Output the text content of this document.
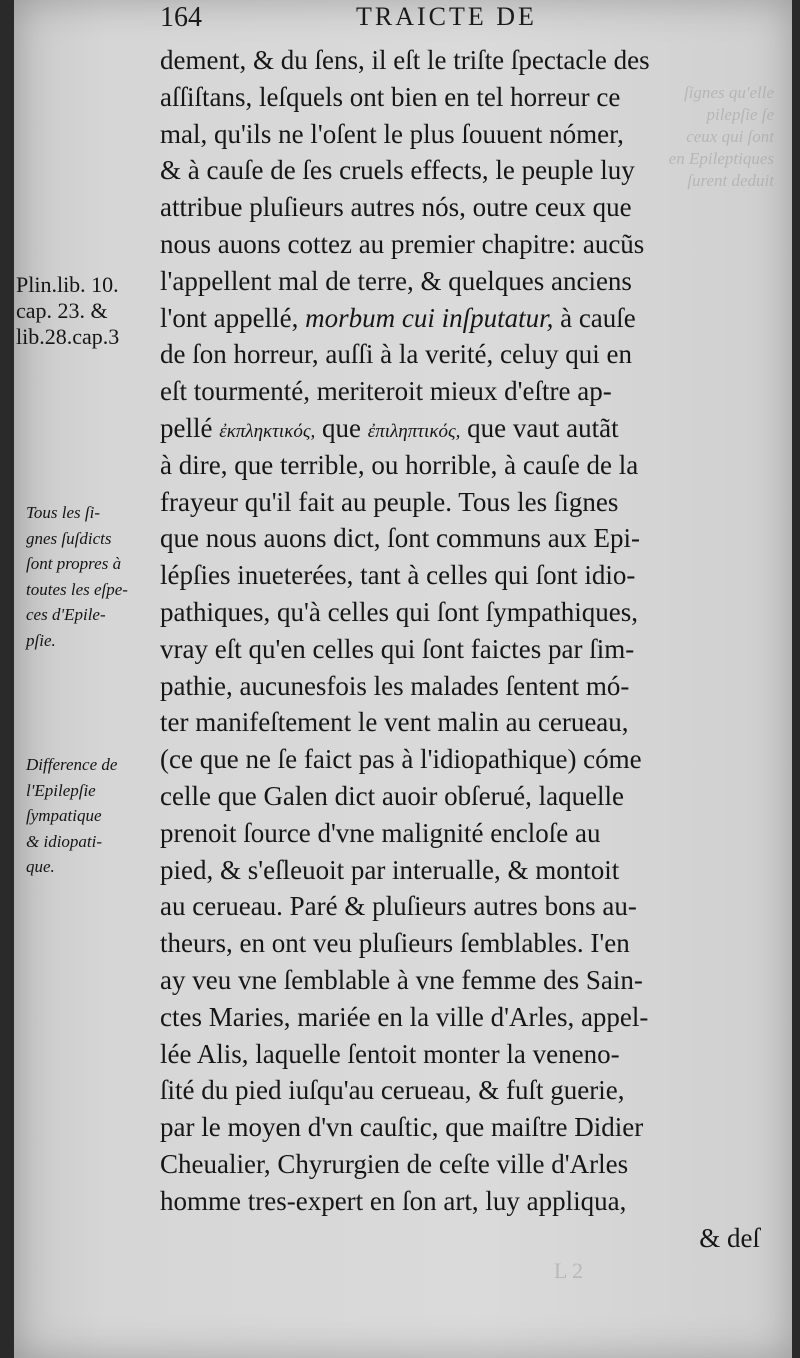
ſignes qu'elle
pilepſie ſe
ceux qui ſont
en Epileptiques
ſurent deduit
164	TRAICTE DE
dement, & du ſens, il eſt le triſte ſpectacle des
aſſiſtans, leſquels ont bien en tel horreur ce
mal, qu'ils ne l'oſent le plus ſouuent nómer,
& à cauſe de ſes cruels effects, le peuple luy
attribue pluſieurs autres nós, outre ceux que
nous auons cottez au premier chapitre: aucũs
l'appellent mal de terre, & quelques anciens
l'ont appellé, morbum cui inſputatur, à cauſe
de ſon horreur, auſſi à la verité, celuy qui en
eſt tourmenté, meriteroit mieux d'eſtre ap-
pellé ἐκπληκτικός, que ἐπιληπτικός, que vaut autãt
à dire, que terrible, ou horrible, à cauſe de la
frayeur qu'il fait au peuple. Tous les ſignes
que nous auons dict, ſont communs aux Epi-
lépſies inueterées, tant à celles qui ſont idio-
pathiques, qu'à celles qui ſont ſympathiques,
vray eſt qu'en celles qui ſont faictes par ſim-
pathie, aucunesfois les malades ſentent mó-
ter manifeſtement le vent malin au cerueau,
(ce que ne ſe faict pas à l'idiopathique) cóme
celle que Galen dict auoir obſerué, laquelle
prenoit ſource d'vne malignité encloſe au
pied, & s'eſleuoit par interualle, & montoit
au cerueau. Paré & pluſieurs autres bons au-
theurs, en ont veu pluſieurs ſemblables. I'en
ay veu vne ſemblable à vne femme des Sain-
ctes Maries, mariée en la ville d'Arles, appel-
lée Alis, laquelle ſentoit monter la veneno-
ſité du pied iuſqu'au cerueau, & fuſt guerie,
par le moyen d'vn cauſtic, que maiſtre Didier
Cheualier, Chyrurgien de ceſte ville d'Arles
homme tres-expert en ſon art, luy appliqua,
& deſ
Plin.lib. 10.
cap. 23. &
lib.28.cap.3
Tous les ſi-
gnes ſuſdicts
ſont propres à
toutes les eſpe-
ces d'Epile-
pſie.
Difference de
l'Epilepſie
ſympatique
& idiopati-
que.
L 2
